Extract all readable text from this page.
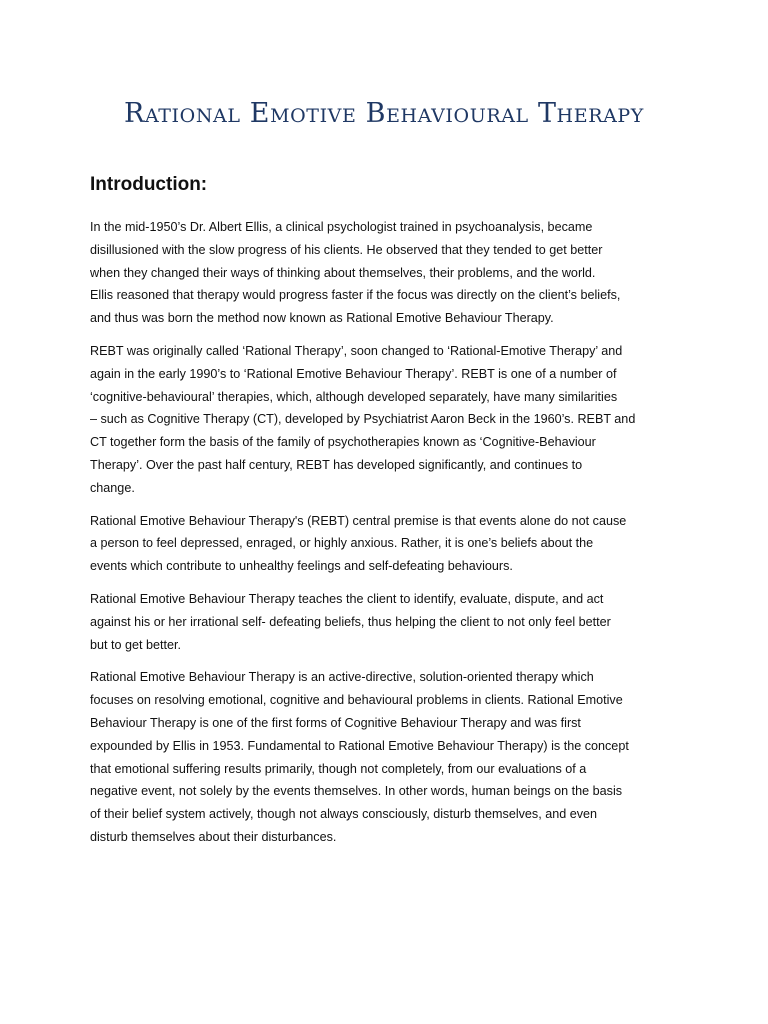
Rational Emotive Behavioural Therapy
Introduction:

In the mid-1950’s Dr. Albert Ellis, a clinical psychologist trained in psychoanalysis, became
disillusioned with the slow progress of his clients. He observed that they tended to get better
when they changed their ways of thinking about themselves, their problems, and the world.
Ellis reasoned that therapy would progress faster if the focus was directly on the client’s beliefs,
and thus was born the method now known as Rational Emotive Behaviour Therapy.

REBT was originally called ‘Rational Therapy’, soon changed to ‘Rational-Emotive Therapy’ and
again in the early 1990’s to ‘Rational Emotive Behaviour Therapy’. REBT is one of a number of
‘cognitive-behavioural’ therapies, which, although developed separately, have many similarities
– such as Cognitive Therapy (CT), developed by Psychiatrist Aaron Beck in the 1960’s. REBT and
CT together form the basis of the family of psychotherapies known as ‘Cognitive-Behaviour
Therapy’. Over the past half century, REBT has developed significantly, and continues to
change.

Rational Emotive Behaviour Therapy's (REBT) central premise is that events alone do not cause
a person to feel depressed, enraged, or highly anxious. Rather, it is one’s beliefs about the
events which contribute to unhealthy feelings and self-defeating behaviours.

Rational Emotive Behaviour Therapy teaches the client to identify, evaluate, dispute, and act
against his or her irrational self- defeating beliefs, thus helping the client to not only feel better
but to get better.

Rational Emotive Behaviour Therapy is an active-directive, solution-oriented therapy which
focuses on resolving emotional, cognitive and behavioural problems in clients. Rational Emotive
Behaviour Therapy is one of the first forms of Cognitive Behaviour Therapy and was first
expounded by Ellis in 1953. Fundamental to Rational Emotive Behaviour Therapy) is the concept
that emotional suffering results primarily, though not completely, from our evaluations of a
negative event, not solely by the events themselves. In other words, human beings on the basis
of their belief system actively, though not always consciously, disturb themselves, and even
disturb themselves about their disturbances.
